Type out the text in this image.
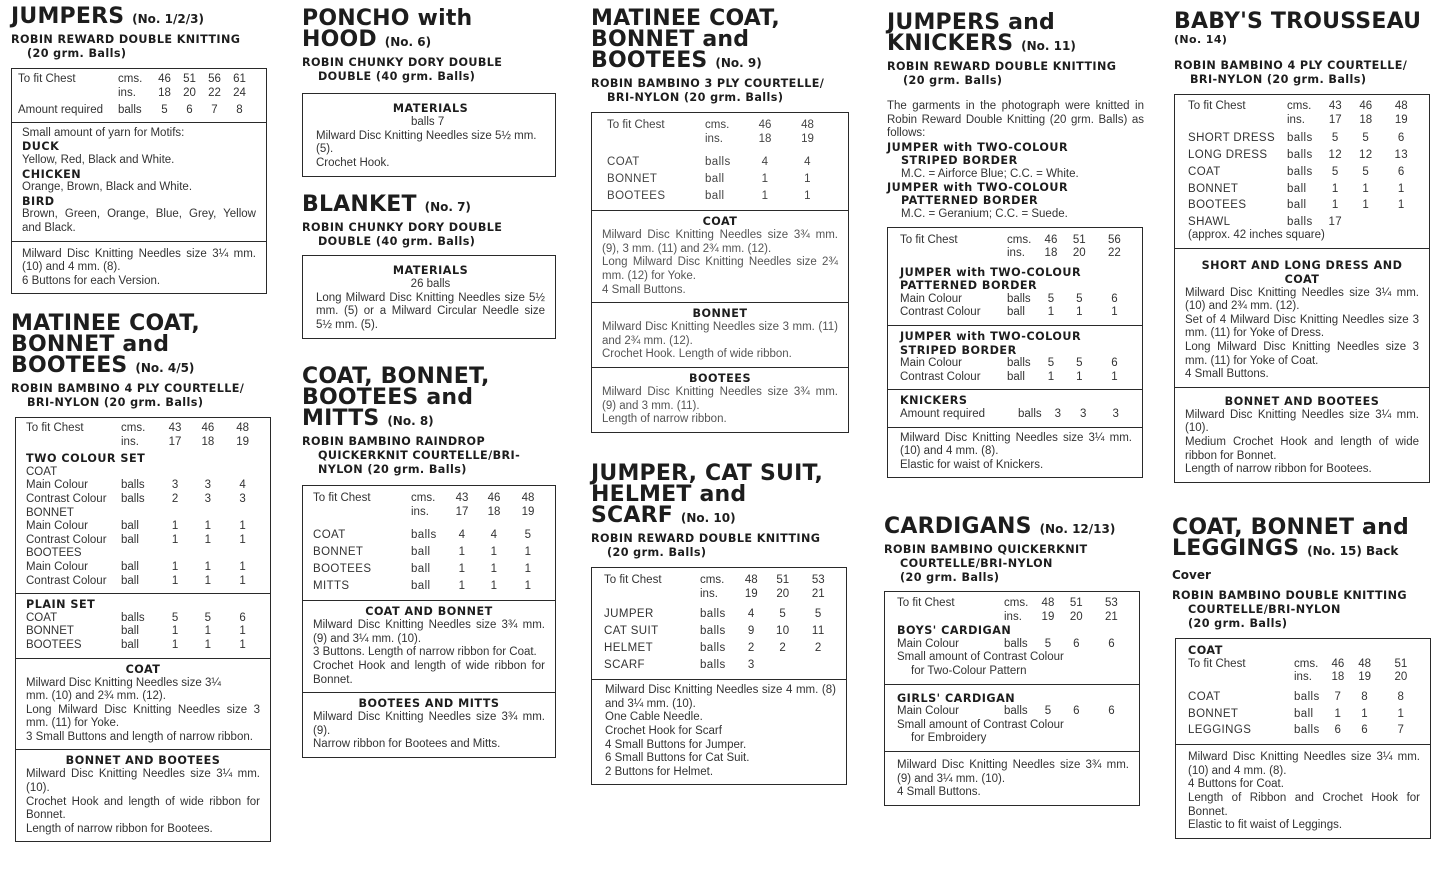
JUMPERS (No. 1/2/3)
ROBIN REWARD DOUBLE KNITTING
(20 grm. Balls)
To fit Chest	cms.	46	51	56	61
ins.	18	20	22	24
Amount required	balls	5	6	7	8
Small amount of yarn for Motifs:
DUCK
Yellow, Red, Black and White.
CHICKEN
Orange, Brown, Black and White.
BIRD
Brown, Green, Orange, Blue, Grey, Yellow and Black.
Milward Disc Knitting Needles size 3¼ mm. (10) and 4 mm. (8).
6 Buttons for each Version.
MATINEE COAT,
BONNET and
BOOTEES (No. 4/5)
ROBIN BAMBINO 4 PLY COURTELLE/
BRI-NYLON (20 grm. Balls)
To fit Chest	cms.	43	46	48
ins.	17	18	19
TWO COLOUR SET
COAT
Main Colour	balls	3	3	4
Contrast Colour	balls	2	3	3
BONNET
Main Colour	ball	1	1	1
Contrast Colour	ball	1	1	1
BOOTEES
Main Colour	ball	1	1	1
Contrast Colour	ball	1	1	1
PLAIN SET
COAT	balls	5	5	6
BONNET	ball	1	1	1
BOOTEES	ball	1	1	1
COAT
Milward Disc Knitting Needles size 3¼
mm. (10) and 2¾ mm. (12).
Long Milward Disc Knitting Needles size 3 mm. (11) for Yoke.
3 Small Buttons and length of narrow ribbon.
BONNET AND BOOTEES
Milward Disc Knitting Needles size 3¼ mm. (10).
Crochet Hook and length of wide ribbon for Bonnet.
Length of narrow ribbon for Bootees.
PONCHO with
HOOD (No. 6)
ROBIN CHUNKY DORY DOUBLE
DOUBLE (40 grm. Balls)
MATERIALS
balls 7
Milward Disc Knitting Needles size 5½ mm. (5).
Crochet Hook.
BLANKET (No. 7)
ROBIN CHUNKY DORY DOUBLE
DOUBLE (40 grm. Balls)
MATERIALS
26 balls
Long Milward Disc Knitting Needles size 5½ mm. (5) or a Milward Circular Needle size 5½ mm. (5).
COAT, BONNET,
BOOTEES and
MITTS (No. 8)
ROBIN BAMBINO RAINDROP
QUICKERKNIT COURTELLE/BRI-
NYLON (20 grm. Balls)
To fit Chest	cms.	43	46	48
ins.	17	18	19
COAT	balls	4	4	5
BONNET	ball	1	1	1
BOOTEES	ball	1	1	1
MITTS	ball	1	1	1
COAT AND BONNET
Milward Disc Knitting Needles size 3¾ mm. (9) and 3¼ mm. (10).
3 Buttons. Length of narrow ribbon for Coat.
Crochet Hook and length of wide ribbon for Bonnet.
BOOTEES AND MITTS
Milward Disc Knitting Needles size 3¾ mm. (9).
Narrow ribbon for Bootees and Mitts.
MATINEE COAT,
BONNET and
BOOTEES (No. 9)
ROBIN BAMBINO 3 PLY COURTELLE/
BRI-NYLON (20 grm. Balls)
To fit Chest	cms.	46	48
ins.	18	19
COAT	balls	4	4
BONNET	ball	1	1
BOOTEES	ball	1	1
COAT
Milward Disc Knitting Needles size 3¾ mm. (9), 3 mm. (11) and 2¾ mm. (12).
Long Milward Disc Knitting Needles size 2¾ mm. (12) for Yoke.
4 Small Buttons.
BONNET
Milward Disc Knitting Needles size 3 mm. (11) and 2¾ mm. (12).
Crochet Hook. Length of wide ribbon.
BOOTEES
Milward Disc Knitting Needles size 3¾ mm. (9) and 3 mm. (11).
Length of narrow ribbon.
JUMPER, CAT SUIT,
HELMET and
SCARF (No. 10)
ROBIN REWARD DOUBLE KNITTING
(20 grm. Balls)
To fit Chest	cms.	48	51	53
ins.	19	20	21
JUMPER	balls	4	5	5
CAT SUIT	balls	9	10	11
HELMET	balls	2	2	2
SCARF	balls	3
Milward Disc Knitting Needles size 4 mm. (8) and 3¼ mm. (10).
One Cable Needle.
Crochet Hook for Scarf
4 Small Buttons for Jumper.
6 Small Buttons for Cat Suit.
2 Buttons for Helmet.
JUMPERS and
KNICKERS (No. 11)
ROBIN REWARD DOUBLE KNITTING
(20 grm. Balls)
The garments in the photograph were knitted in Robin Reward Double Knitting (20 grm. Balls) as follows:
JUMPER with TWO-COLOUR
STRIPED BORDER
M.C. = Airforce Blue; C.C. = White.
JUMPER with TWO-COLOUR
PATTERNED BORDER
M.C. = Geranium; C.C. = Suede.
To fit Chest	cms.	46	51	56
ins.	18	20	22
JUMPER with TWO-COLOUR
PATTERNED BORDER
Main Colour	balls	5	5	6
Contrast Colour	ball	1	1	1
JUMPER with TWO-COLOUR
STRIPED BORDER
Main Colour	balls	5	5	6
Contrast Colour	ball	1	1	1
KNICKERS
Amount required	balls	3	3	3
Milward Disc Knitting Needles size 3¼ mm. (10) and 4 mm. (8).
Elastic for waist of Knickers.
CARDIGANS (No. 12/13)
ROBIN BAMBINO QUICKERKNIT
COURTELLE/BRI-NYLON
(20 grm. Balls)
To fit Chest	cms.	48	51	53
ins.	19	20	21
BOYS' CARDIGAN
Main Colour	balls	5	6	6
Small amount of Contrast Colour
for Two-Colour Pattern
GIRLS' CARDIGAN
Main Colour	balls	5	6	6
Small amount of Contrast Colour
for Embroidery
Milward Disc Knitting Needles size 3¾ mm. (9) and 3¼ mm. (10).
4 Small Buttons.
BABY'S TROUSSEAU
(No. 14)
ROBIN BAMBINO 4 PLY COURTELLE/
BRI-NYLON (20 grm. Balls)
To fit Chest	cms.	43	46	48
ins.	17	18	19
SHORT DRESS	balls	5	5	6
LONG DRESS	balls	12	12	13
COAT	balls	5	5	6
BONNET	ball	1	1	1
BOOTEES	ball	1	1	1
SHAWL	balls	17
(approx. 42 inches square)
SHORT AND LONG DRESS AND
COAT
Milward Disc Knitting Needles size 3¼ mm. (10) and 2¾ mm. (12).
Set of 4 Milward Disc Knitting Needles size 3 mm. (11) for Yoke of Dress.
Long Milward Disc Knitting Needles size 3 mm. (11) for Yoke of Coat.
4 Small Buttons.
BONNET AND BOOTEES
Milward Disc Knitting Needles size 3¼ mm. (10).
Medium Crochet Hook and length of wide ribbon for Bonnet.
Length of narrow ribbon for Bootees.
COAT, BONNET and
LEGGINGS (No. 15) Back Cover
ROBIN BAMBINO DOUBLE KNITTING
COURTELLE/BRI-NYLON
(20 grm. Balls)
COAT
To fit Chest	cms.	46	48	51
ins.	18	19	20
COAT	balls	7	8	8
BONNET	ball	1	1	1
LEGGINGS	balls	6	6	7
Milward Disc Knitting Needles size 3¼ mm. (10) and 4 mm. (8).
4 Buttons for Coat.
Length of Ribbon and Crochet Hook for Bonnet.
Elastic to fit waist of Leggings.
